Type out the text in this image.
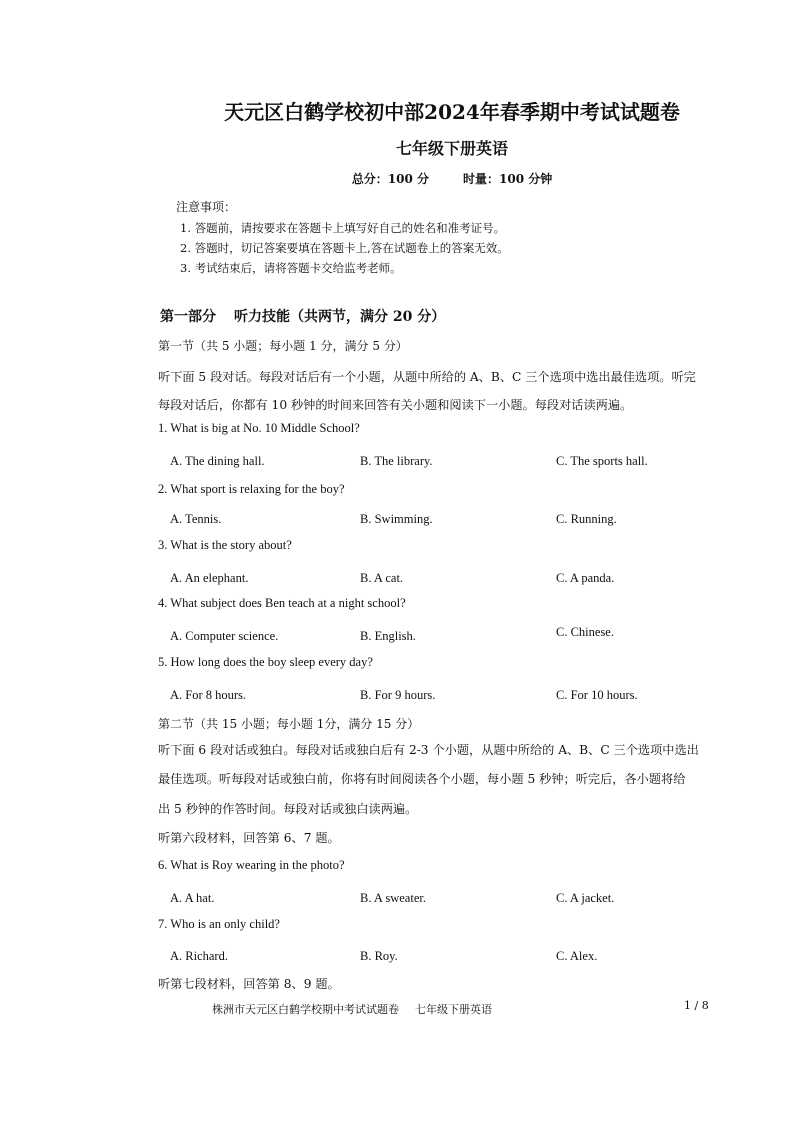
天元区白鹤学校初中部2024年春季期中考试试题卷
七年级下册英语
总分：100 分	时量：100 分钟
注意事项：
1. 答题前，请按要求在答题卡上填写好自己的姓名和准考证号。
2. 答题时，切记答案要填在答题卡上,答在试题卷上的答案无效。
3. 考试结束后，请将答题卡交给监考老师。
第一部分 听力技能（共两节，满分 20 分）
第一节（共 5 小题；每小题 1 分，满分 5 分）
听下面 5 段对话。每段对话后有一个小题，从题中所给的 A、B、C 三个选项中选出最佳选项。听完
每段对话后，你都有 10 秒钟的时间来回答有关小题和阅读下一小题。每段对话读两遍。
1. What is big at No. 10 Middle School?
A. The dining hall.	B. The library.	C. The sports hall.
2. What sport is relaxing for the boy?
A. Tennis.	B. Swimming.	C. Running.
3. What is the story about?
A. An elephant.	B. A cat.	C. A panda.
4. What subject does Ben teach at a night school?
A. Computer science.	B. English.	C. Chinese.
5. How long does the boy sleep every day?
A. For 8 hours.	B. For 9 hours.	C. For 10 hours.
第二节（共 15 小题；每小题 1分，满分 15 分）
听下面 6 段对话或独白。每段对话或独白后有 2-3 个小题，从题中所给的 A、B、C 三个选项中选出
最佳选项。听每段对话或独白前，你将有时间阅读各个小题，每小题 5 秒钟；听完后，各小题将给
出 5 秒钟的作答时间。每段对话或独白读两遍。
听第六段材料，回答第 6、7 题。
6. What is Roy wearing in the photo?
A. A hat.	B. A sweater.	C. A jacket.
7. Who is an only child?
A. Richard.	B. Roy.	C. Alex.
听第七段材料，回答第 8、9 题。
株洲市天元区白鹤学校期中考试试题卷 七年级下册英语	1 / 8
